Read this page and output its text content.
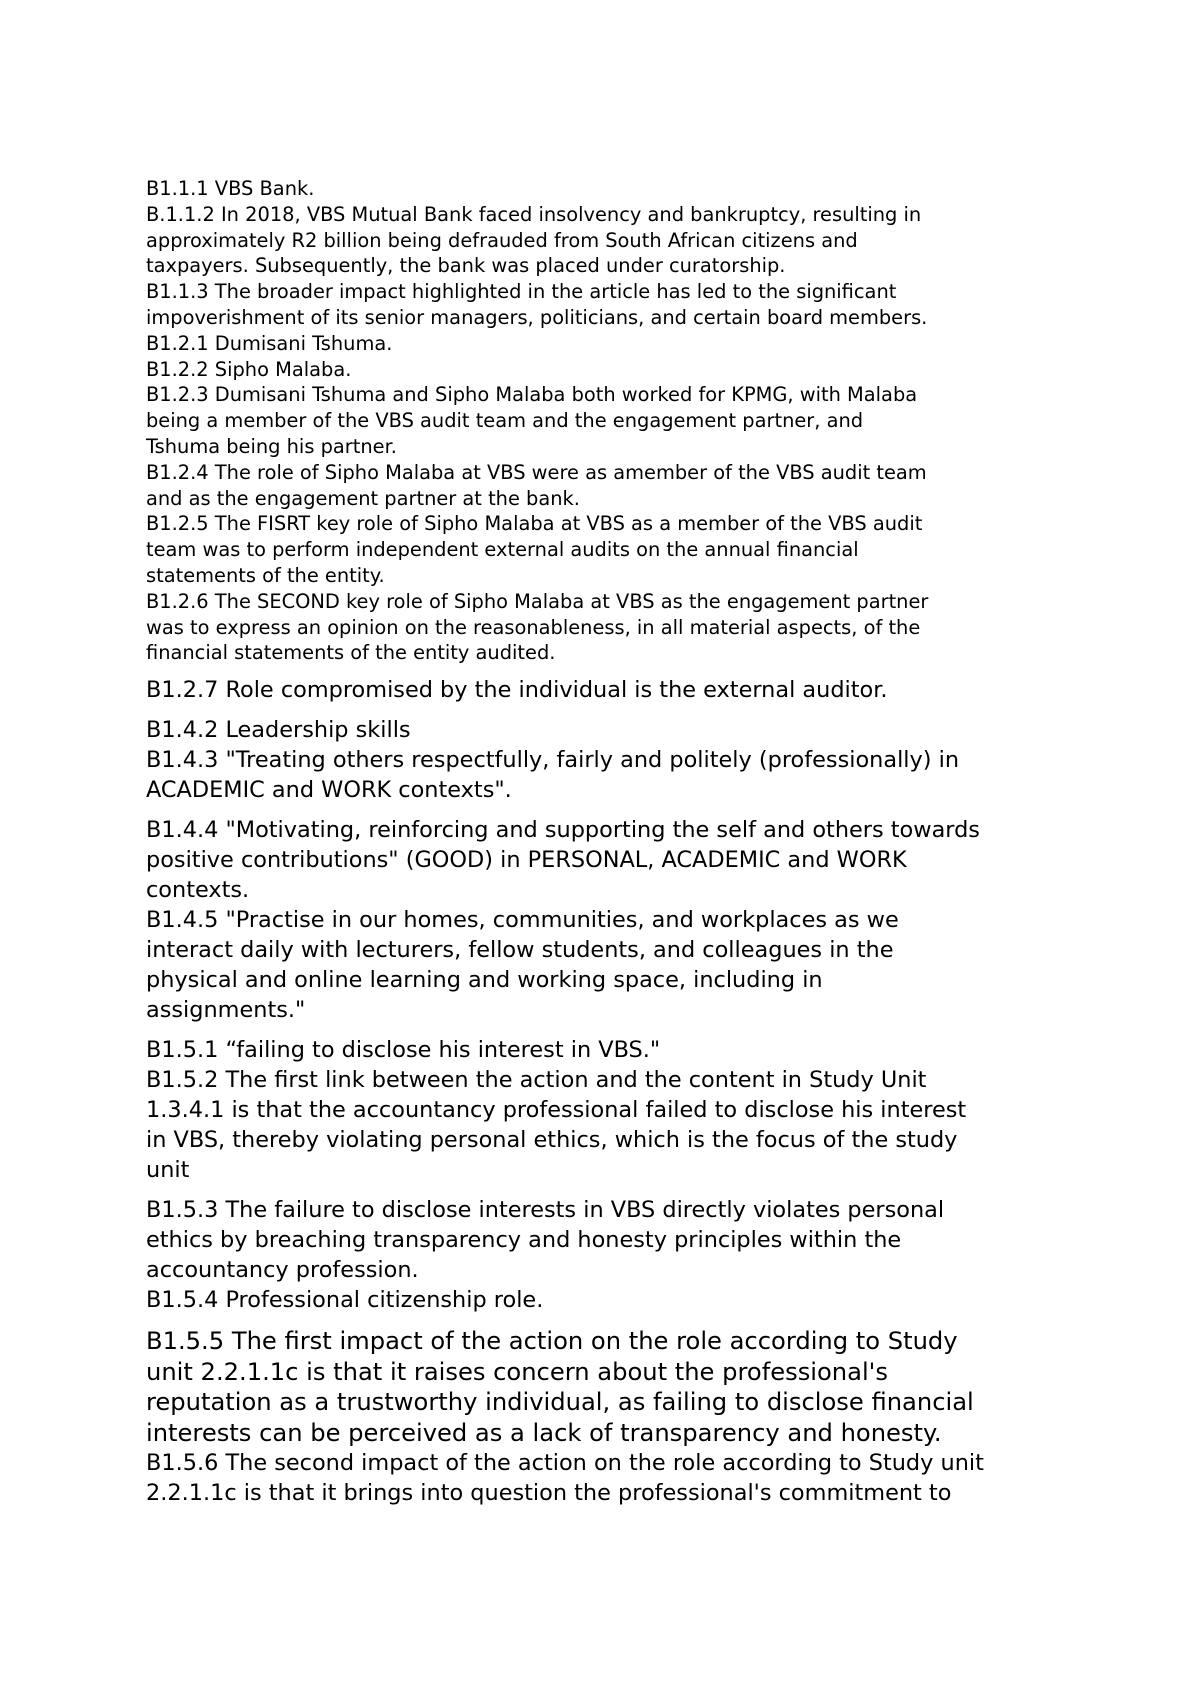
B1.1.1 VBS Bank.

B.1.1.2 In 2018, VBS Mutual Bank faced insolvency and bankruptcy, resulting in
approximately R2 billion being defrauded from South African citizens and
taxpayers. Subsequently, the bank was placed under curatorship.

B1.1.3 The broader impact highlighted in the article has led to the significant
impoverishment of its senior managers, politicians, and certain board members.

B1.2.1 Dumisani Tshuma.

B1.2.2 Sipho Malaba.

B1.2.3 Dumisani Tshuma and Sipho Malaba both worked for KPMG, with Malaba
being a member of the VBS audit team and the engagement partner, and
Tshuma being his partner.

B1.2.4 The role of Sipho Malaba at VBS were as amember of the VBS audit team
and as the engagement partner at the bank.

B1.2.5 The FISRT key role of Sipho Malaba at VBS as a member of the VBS audit
team was to perform independent external audits on the annual financial
statements of the entity.

B1.2.6 The SECOND key role of Sipho Malaba at VBS as the engagement partner
was to express an opinion on the reasonableness, in all material aspects, of the
financial statements of the entity audited.

B1.2.7 Role compromised by the individual is the external auditor.

B1.4.2 Leadership skills

B1.4.3 "Treating others respectfully, fairly and politely (professionally) in
ACADEMIC and WORK contexts".

B1.4.4 "Motivating, reinforcing and supporting the self and others towards
positive contributions" (GOOD) in PERSONAL, ACADEMIC and WORK
contexts.

B1.4.5 "Practise in our homes, communities, and workplaces as we
interact daily with lecturers, fellow students, and colleagues in the
physical and online learning and working space, including in
assignments."

B1.5.1 “failing to disclose his interest in VBS."

B1.5.2 The first link between the action and the content in Study Unit
1.3.4.1 is that the accountancy professional failed to disclose his interest
in VBS, thereby violating personal ethics, which is the focus of the study
unit

B1.5.3 The failure to disclose interests in VBS directly violates personal
ethics by breaching transparency and honesty principles within the
accountancy profession.

B1.5.4 Professional citizenship role.

B1.5.5 The first impact of the action on the role according to Study
unit 2.2.1.1c is that it raises concern about the professional's
reputation as a trustworthy individual, as failing to disclose financial
interests can be perceived as a lack of transparency and honesty.

B1.5.6 The second impact of the action on the role according to Study unit
2.2.1.1c is that it brings into question the professional's commitment to
